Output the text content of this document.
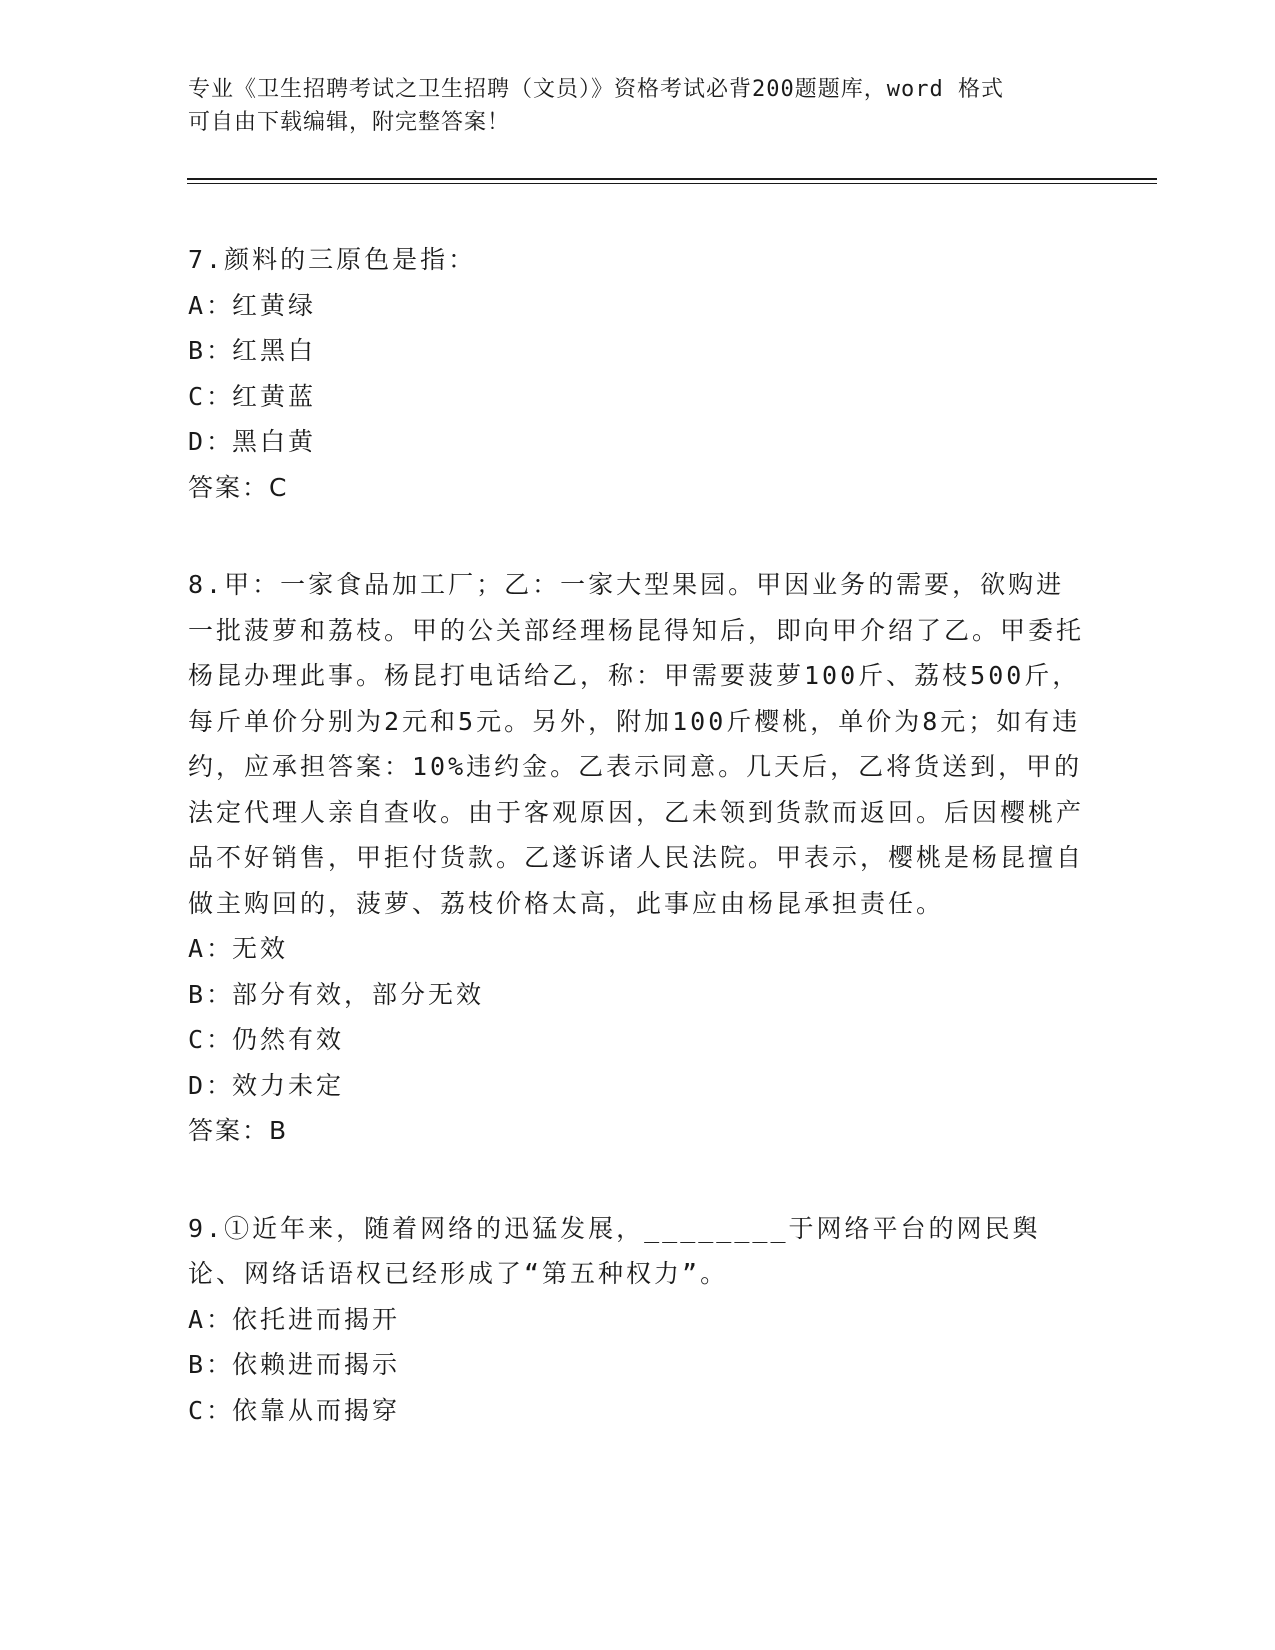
专业《卫生招聘考试之卫生招聘（文员）》资格考试必背200题题库，word 格式
可自由下载编辑，附完整答案！
7.颜料的三原色是指：
A：红黄绿
B：红黑白
C：红黄蓝
D：黑白黄
答案：C
8.甲：一家食品加工厂；乙：一家大型果园。甲因业务的需要，欲购进一批菠萝和荔枝。甲的公关部经理杨昆得知后，即向甲介绍了乙。甲委托杨昆办理此事。杨昆打电话给乙，称：甲需要菠萝100斤、荔枝500斤，每斤单价分别为2元和5元。另外，附加100斤樱桃，单价为8元；如有违约，应承担答案：10%违约金。乙表示同意。几天后，乙将货送到，甲的法定代理人亲自查收。由于客观原因，乙未领到货款而返回。后因樱桃产品不好销售，甲拒付货款。乙遂诉诸人民法院。甲表示，樱桃是杨昆擅自做主购回的，菠萝、荔枝价格太高，此事应由杨昆承担责任。
A：无效
B：部分有效，部分无效
C：仍然有效
D：效力未定
答案：B
9.①近年来，随着网络的迅猛发展，________于网络平台的网民舆论、网络话语权已经形成了“第五种权力”。
A：依托进而揭开
B：依赖进而揭示
C：依靠从而揭穿
